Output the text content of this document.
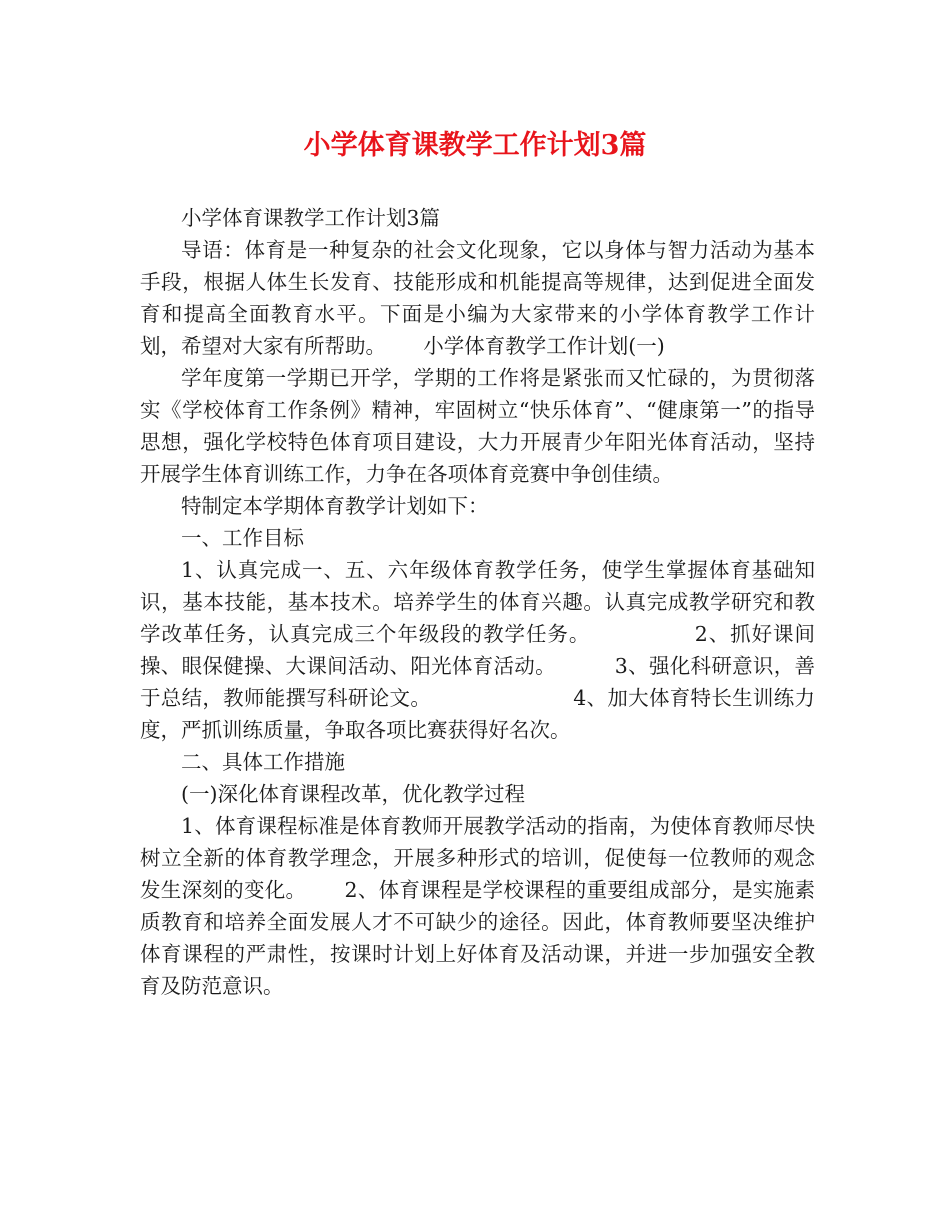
小学体育课教学工作计划3篇

小学体育课教学工作计划3篇

导语：体育是一种复杂的社会文化现象，它以身体与智力活动为基本手段，根据人体生长发育、技能形成和机能提高等规律，达到促进全面发育和提高全面教育水平。下面是小编为大家带来的小学体育教学工作计划，希望对大家有所帮助。　　 小学体育教学工作计划(一)

学年度第一学期已开学，学期的工作将是紧张而又忙碌的，为贯彻落实《学校体育工作条例》精神，牢固树立“快乐体育”、“健康第一”的指导思想，强化学校特色体育项目建设，大力开展青少年阳光体育活动，坚持开展学生体育训练工作，力争在各项体育竞赛中争创佳绩。

特制定本学期体育教学计划如下：

一、工作目标

1、认真完成一、五、六年级体育教学任务，使学生掌握体育基础知识，基本技能，基本技术。培养学生的体育兴趣。认真完成教学研究和教学改革任务，认真完成三个年级段的教学任务。　　　　　 2、抓好课间操、眼保健操、大课间活动、阳光体育活动。　　　 3、强化科研意识，善于总结，教师能撰写科研论文。　　　　　　　 4、加大体育特长生训练力度，严抓训练质量，争取各项比赛获得好名次。

二、具体工作措施

(一)深化体育课程改革，优化教学过程

1、体育课程标准是体育教师开展教学活动的指南，为使体育教师尽快树立全新的体育教学理念，开展多种形式的培训，促使每一位教师的观念发生深刻的变化。　　 2、体育课程是学校课程的重要组成部分，是实施素质教育和培养全面发展人才不可缺少的途径。因此，体育教师要坚决维护体育课程的严肃性，按课时计划上好体育及活动课，并进一步加强安全教育及防范意识。
